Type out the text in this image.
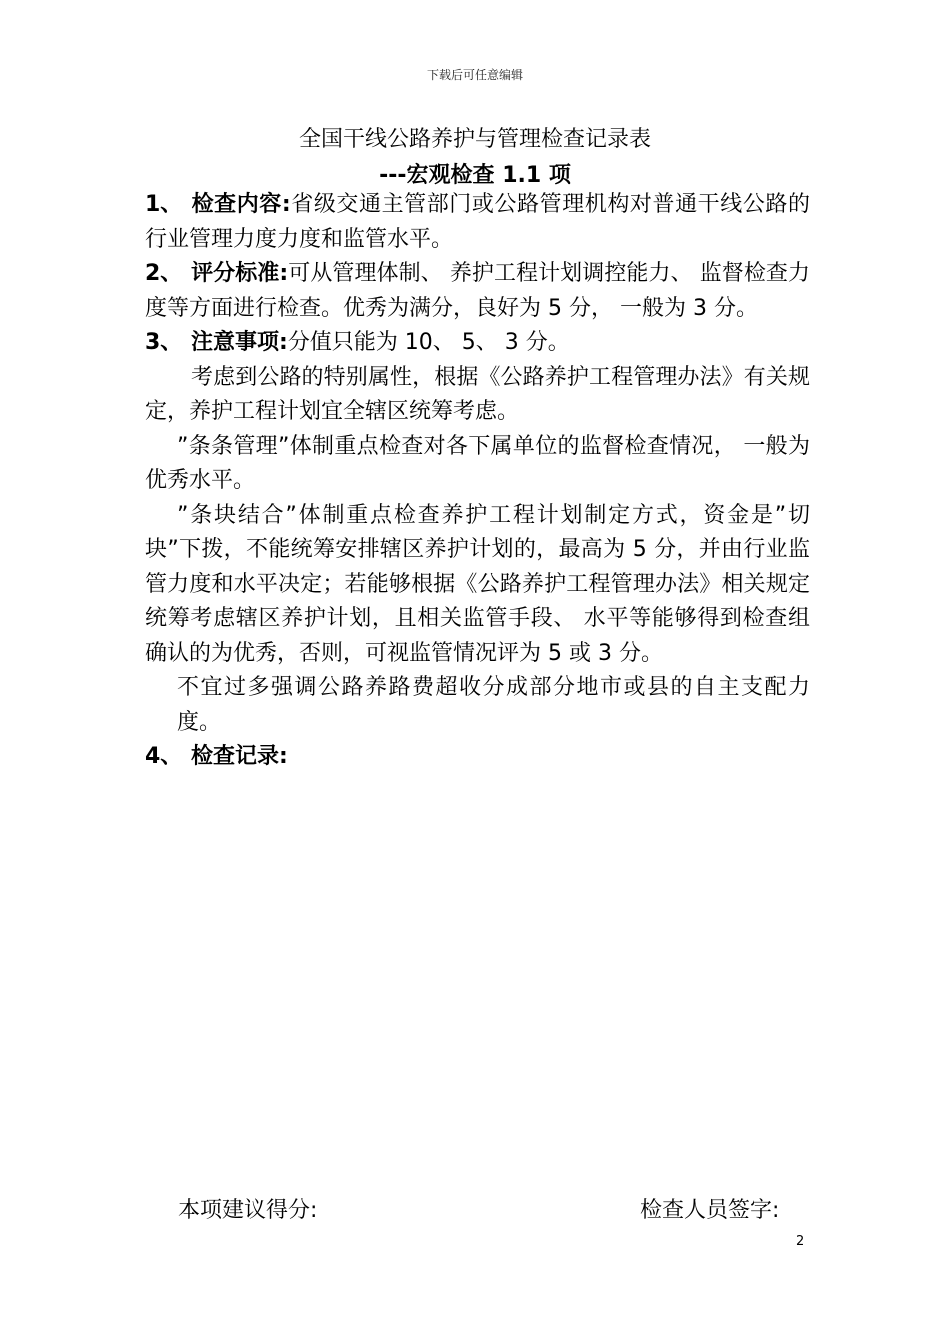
下载后可任意编辑
全国干线公路养护与管理检查记录表
---宏观检查 1.1 项

1、 检查内容:省级交通主管部门或公路管理机构对普通干线公路的行业管理力度力度和监管水平。

2、 评分标准:可从管理体制、 养护工程计划调控能力、 监督检查力度等方面进行检查。优秀为满分，良好为 5 分， 一般为 3 分。

3、 注意事项:分值只能为 10、 5、 3 分。

考虑到公路的特别属性，根据《公路养护工程管理办法》有关规定，养护工程计划宜全辖区统筹考虑。

”条条管理”体制重点检查对各下属单位的监督检查情况， 一般为优秀水平。

”条块结合”体制重点检查养护工程计划制定方式，资金是”切块”下拨，不能统筹安排辖区养护计划的，最高为 5 分，并由行业监管力度和水平决定；若能够根据《公路养护工程管理办法》相关规定统筹考虑辖区养护计划，且相关监管手段、 水平等能够得到检查组确认的为优秀，否则，可视监管情况评为 5 或 3 分。

不宜过多强调公路养路费超收分成部分地市或县的自主支配力度。

4、 检查记录:

本项建议得分:	检查人员签字:
2
